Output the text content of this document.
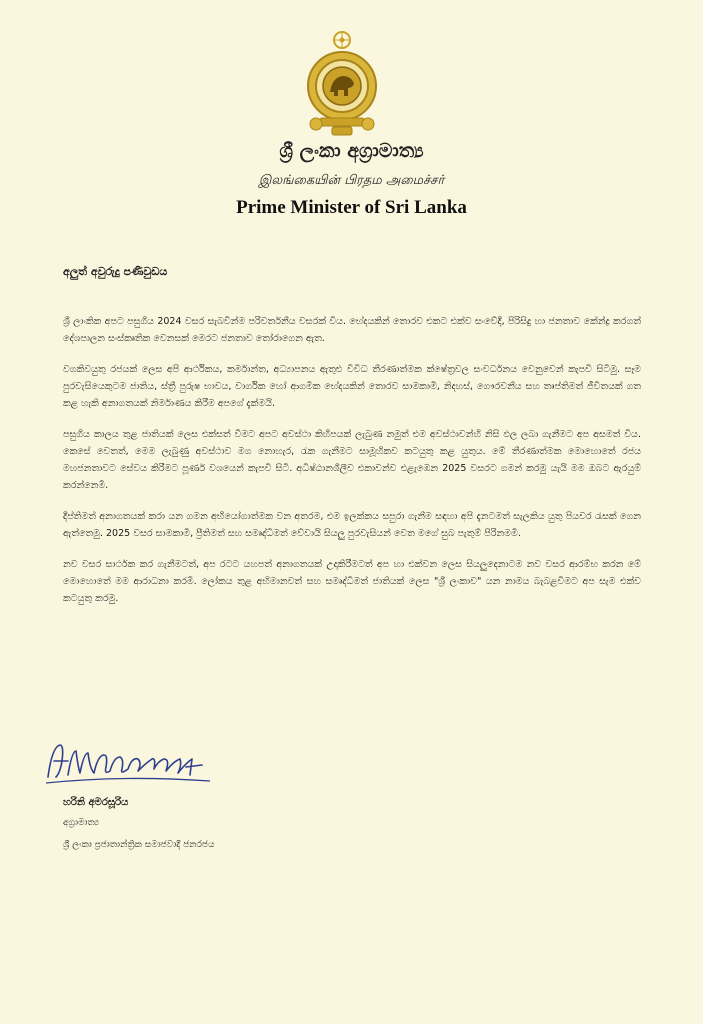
ශ්‍රී ලංකා අග්‍රාමාත්‍ය
இலங்கையின் பிரதம அமைச்சர்
Prime Minister of Sri Lanka
අලුත් අවුරුදු පණිවුඩය

ශ්‍රී ලාංකික අපට පසුගිය 2024 වසර සැබවින්ම පරිවර්තනීය වසරක් විය. භේදයකින් තොරව එකට එක්ව සංවේදී, පිරිසිදු හා ජනතාව කේන්ද්‍ර කරගත් දේශපාලන සංස්කෘතික වෙනසක් මෙරට ජනතාව තෝරාගෙන ඇත.

වගකිවයුතු රජයක් ලෙස අපි ආර්ථිකය, කර්මාන්ත, අධ්‍යාපනය ඇතුළු විවිධ තීරණාත්මක ක්ෂේත්‍රවල සංවර්ධනය වෙනුවෙන් කැපවී සිටිමු. සෑම පුරවැසියෙකුටම ජාතිය, ස්ත්‍රී පුරුෂ භාවය, වාර්ගික හෝ ආගමික භේදයකින් තොරව සාමකාමී, නිදහස්, ගෞරවනීය සහ තෘප්තිමත් ජීවිතයක් ගත කළ හැකි අනාගතයක් නිර්මාණය කිරීම අපගේ දැක්මයි.

පසුගිය කාලය තුළ ජාතියක් ලෙස එක්සත් වීමට අපට අවස්ථා කිහිපයක් ලැබුණ නමුත් එම අවස්ථාවන්හි නිසි ඵල ලබා ගැනීමට අප අසමත් විය. කෙසේ වෙතත්, මෙම ලැබුණු අවස්ථාව මග නොහැර, රැක ගැනීමට සාමූහිකව කටයුතු කළ යුතුය. මේ තීරණාත්මක මොහොතේ රජය මහජනතාවට සේවය කිරීමට පූර්ණ වශයෙන් කැපවී සිටී. අධිෂ්ඨානශීලීව එකාවන්ව එළැඹෙන 2025 වසරට ගමන් කරමු යැයි මම ඔබට ඇරයුම් කරන්නෙමි.

දීප්තිමත් අනාගතයක් කරා යන ගමන අභියෝගාත්මක වන අතරම, එම ඉලක්කය සපුරා ගැනීම සඳහා අපි දැනටමත් සැලකිය යුතු පියවර රැසක් ගෙන ඇත්තෙමු. 2025 වසර සාමකාමී, ප්‍රීතිමත් සහ සමෘද්ධිමත් වේවායි සියලු පුරවැසියන් වෙත මගේ සුබ පැතුම් පිරිනමමි.

නව වසර සාර්ථක කර ගැනීමටත්, අප රටට යහපත් අනාගතයක් උදාකිරීමටත් අප හා එක්වන ලෙස සියලුදෙනාටම නව වසර ආරම්භ කරන මේ මොහොතේ මම ආරාධනා කරමි. ලෝකය තුළ අභිමානවත් සහ සමෘද්ධිමත් ජාතියක් ලෙස "ශ්‍රී ලංකාව" යන නාමය බැබළවීමට අප සැම එක්ව කටයුතු කරමු.

හරිනි අමරසූරිය
අග්‍රාමාත්‍ය
ශ්‍රී ලංකා ප්‍රජාතාන්ත්‍රික සමාජවාදී ජනරජය
